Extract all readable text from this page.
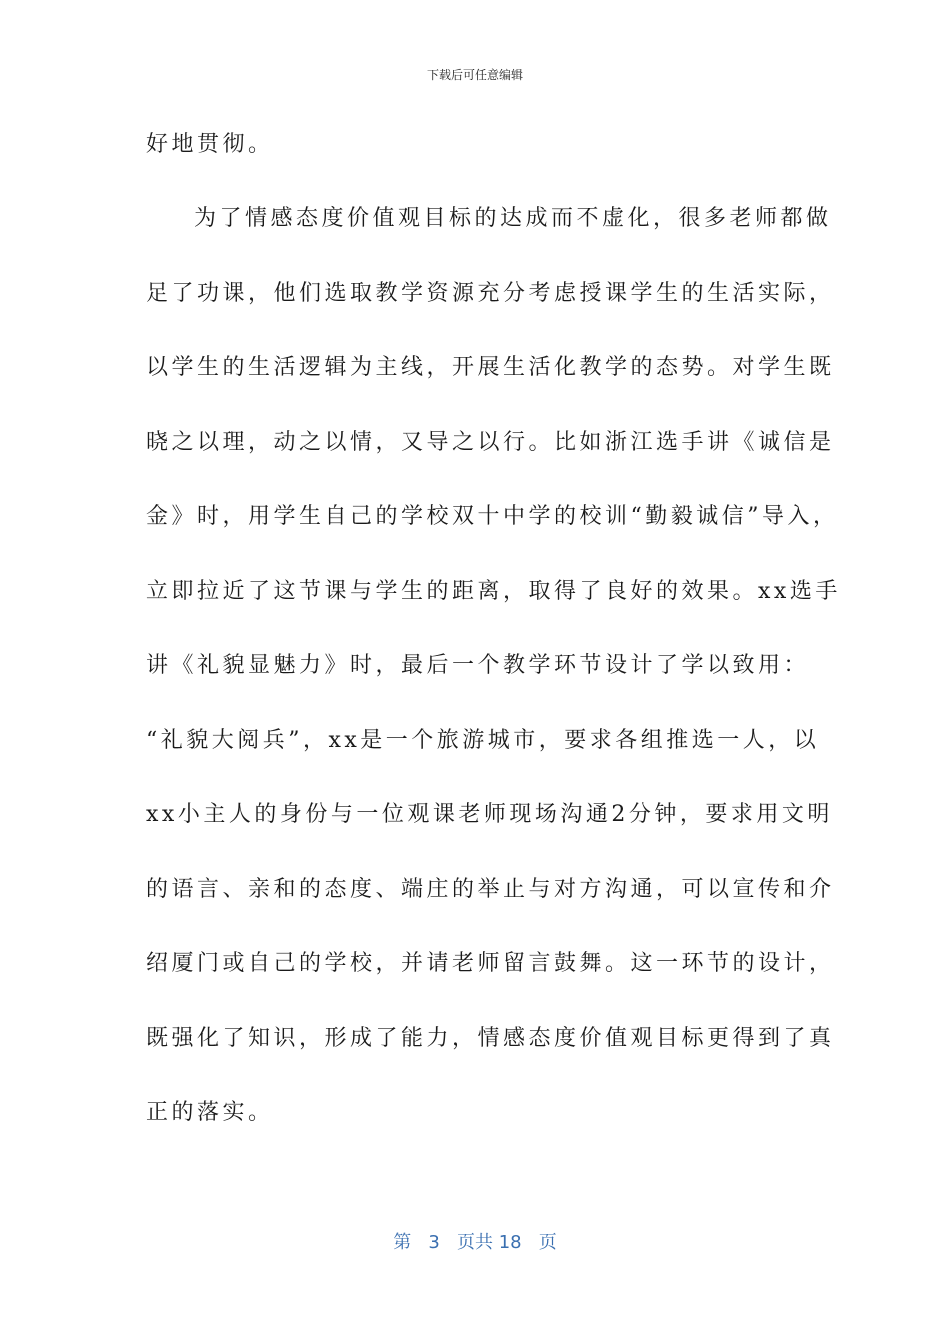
下载后可任意编辑
好地贯彻。
为了情感态度价值观目标的达成而不虚化，很多老师都做
足了功课，他们选取教学资源充分考虑授课学生的生活实际，
以学生的生活逻辑为主线，开展生活化教学的态势。对学生既
晓之以理，动之以情，又导之以行。比如浙江选手讲《诚信是
金》时，用学生自己的学校双十中学的校训“勤毅诚信”导入，
立即拉近了这节课与学生的距离，取得了良好的效果。xx选手
讲《礼貌显魅力》时，最后一个教学环节设计了学以致用：
“礼貌大阅兵”，xx是一个旅游城市，要求各组推选一人，以
xx小主人的身份与一位观课老师现场沟通2分钟，要求用文明
的语言、亲和的态度、端庄的举止与对方沟通，可以宣传和介
绍厦门或自己的学校，并请老师留言鼓舞。这一环节的设计，
既强化了知识，形成了能力，情感态度价值观目标更得到了真
正的落实。
第 3 页共 18 页
